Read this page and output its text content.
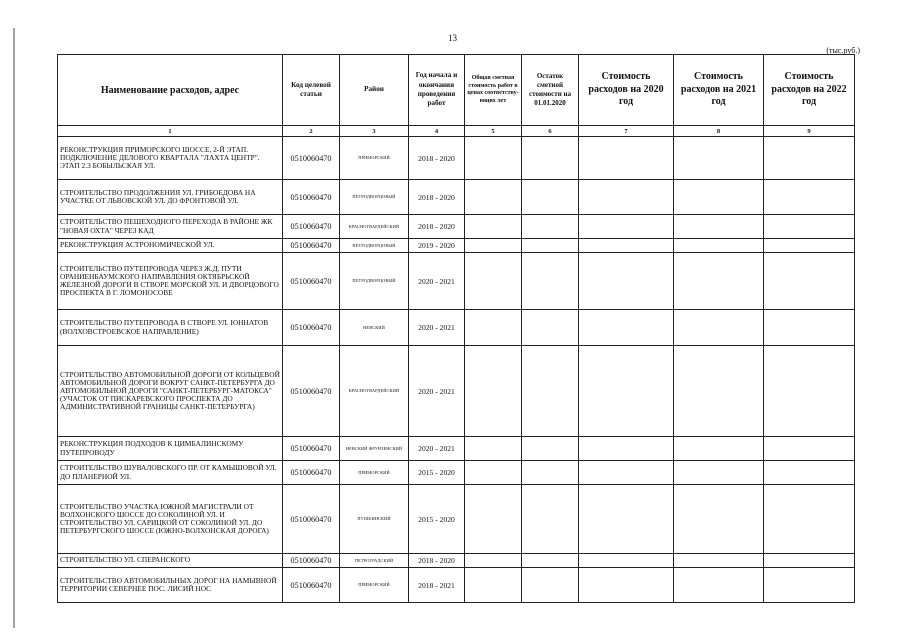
13
(тыс.руб.)
Наименование расходов, адрес	Код целевой статьи	Район	Год начала и окончания проведения работ	Общая сметная стоимость работ в ценах соответству-ющих лет	Остаток сметной стоимости на 01.01.2020	Стоимость расходов на 2020 год	Стоимость расходов на 2021 год	Стоимость расходов на 2022 год
1	2	3	4	5	6	7	8	9
РЕКОНСТРУКЦИЯ ПРИМОРСКОГО ШОССЕ, 2-Й ЭТАП. ПОДКЛЮЧЕНИЕ ДЕЛОВОГО КВАРТАЛА "ЛАХТА ЦЕНТР". ЭТАП 2.3 БОБЫЛЬСКАЯ УЛ.	0510060470	ПРИМОРСКИЙ	2018 - 2020					
СТРОИТЕЛЬСТВО ПРОДОЛЖЕНИЯ УЛ. ГРИБОЕДОВА НА УЧАСТКЕ ОТ ЛЬВОВСКОЙ УЛ. ДО ФРОНТОВОЙ УЛ.	0510060470	ПЕТРОДВОРЦОВЫЙ	2018 - 2020					
СТРОИТЕЛЬСТВО ПЕШЕХОДНОГО ПЕРЕХОДА В РАЙОНЕ ЖК "НОВАЯ ОХТА" ЧЕРЕЗ КАД	0510060470	КРАСНОГВАРДЕЙСКИЙ	2018 - 2020					
РЕКОНСТРУКЦИЯ АСТРОНОМИЧЕСКОЙ УЛ.	0510060470	ПЕТРОДВОРЦОВЫЙ	2019 - 2020					
СТРОИТЕЛЬСТВО ПУТЕПРОВОДА ЧЕРЕЗ Ж.Д. ПУТИ ОРАНИЕНБАУМСКОГО НАПРАВЛЕНИЯ ОКТЯБРЬСКОЙ ЖЕЛЕЗНОЙ ДОРОГИ В СТВОРЕ МОРСКОЙ УЛ. И ДВОРЦОВОГО ПРОСПЕКТА В Г. ЛОМОНОСОВЕ	0510060470	ПЕТРОДВОРЦОВЫЙ	2020 - 2021					
СТРОИТЕЛЬСТВО ПУТЕПРОВОДА В СТВОРЕ УЛ. ЮННАТОВ (ВОЛХОВСТРОЕВСКОЕ НАПРАВЛЕНИЕ)	0510060470	НЕВСКИЙ	2020 - 2021					
СТРОИТЕЛЬСТВО АВТОМОБИЛЬНОЙ ДОРОГИ ОТ КОЛЬЦЕВОЙ АВТОМОБИЛЬНОЙ ДОРОГИ ВОКРУГ САНКТ-ПЕТЕРБУРГА ДО АВТОМОБИЛЬНОЙ ДОРОГИ "САНКТ-ПЕТЕРБУРГ-МАТОКСА" (УЧАСТОК ОТ ПИСКАРЕВСКОГО ПРОСПЕКТА ДО АДМИНИСТРАТИВНОЙ ГРАНИЦЫ САНКТ-ПЕТЕРБУРГА)	0510060470	КРАСНОГВАРДЕЙСКИЙ	2020 - 2021					
РЕКОНСТРУКЦИЯ ПОДХОДОВ К ЦИМБАЛИНСКОМУ ПУТЕПРОВОДУ	0510060470	НЕВСКИЙ ФРУНЗЕНСКИЙ	2020 - 2021					
СТРОИТЕЛЬСТВО ШУВАЛОВСКОГО ПР. ОТ КАМЫШОВОЙ УЛ. ДО ПЛАНЕРНОЙ УЛ.	0510060470	ПРИМОРСКИЙ	2015 - 2020					
СТРОИТЕЛЬСТВО УЧАСТКА ЮЖНОЙ МАГИСТРАЛИ ОТ ВОЛХОНСКОГО ШОССЕ ДО СОКОЛИНОЙ УЛ. И СТРОИТЕЛЬСТВО УЛ. САРИЦКОЙ ОТ СОКОЛИНОЙ УЛ. ДО ПЕТЕРБУРГСКОГО ШОССЕ (ЮЖНО-ВОЛХОНСКАЯ ДОРОГА)	0510060470	ПУШКИНСКИЙ	2015 - 2020					
СТРОИТЕЛЬСТВО УЛ. СПЕРАНСКОГО	0510060470	ПЕТРОГРАДСКИЙ	2018 - 2020					
СТРОИТЕЛЬСТВО АВТОМОБИЛЬНЫХ ДОРОГ НА НАМЫВНОЙ ТЕРРИТОРИИ СЕВЕРНЕЕ ПОС. ЛИСИЙ НОС	0510060470	ПРИМОРСКИЙ	2018 - 2021					
